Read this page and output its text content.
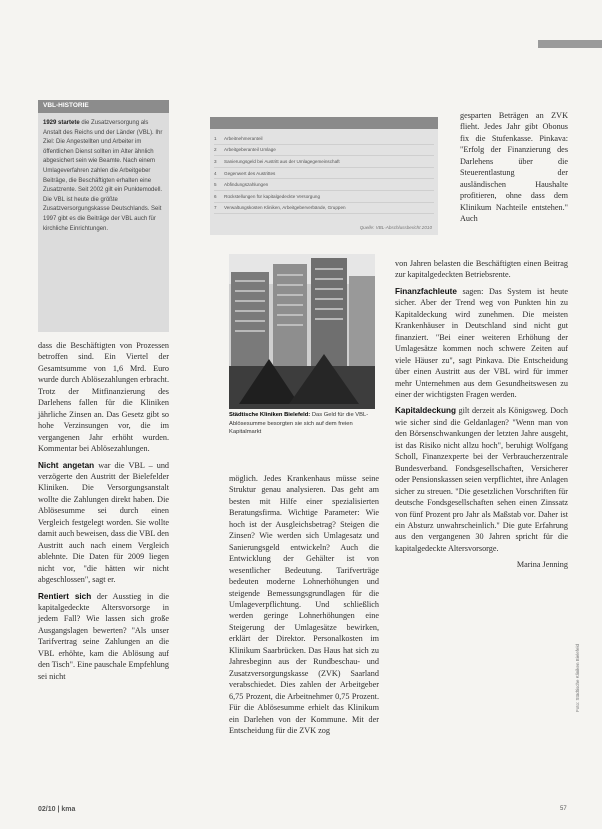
VBL-HISTORIE
1929 startete die Zusatzversorgung als Anstalt des Reichs und der Länder (VBL). Ihr Ziel: Die Angestellten und Arbeiter im öffentlichen Dienst sollten im Alter ähnlich abgesichert sein wie Beamte. Nach einem Umlageverfahren zahlen die Arbeitgeber Beiträge, die Beschäftigten erhalten eine Zusatzrente. Seit 2002 gilt ein Punktemodell. Die VBL ist heute die größte Zusatzversorgungskasse Deutschlands. Seit 1997 gibt es die Beiträge der VBL auch für kirchliche Einrichtungen.
1	Arbeitnehmeranteil
2	Arbeitgeberanteil Umlage
3	Sanierungsgeld bei Austritt aus der Umlagegemeinschaft
4	Gegenwert des Austrittes
5	Abfindungszahlungen
6	Rückstellungen für kapitalgedeckte Versorgung
7	Verwaltungskosten Kliniken, Arbeitgeberverbände, Gruppen
Quelle: VBL-Abschlussbericht 2010
Städtische Kliniken Bielefeld: Das Geld für die VBL-Ablösesumme besorgten sie sich auf dem freien Kapitalmarkt

dass die Beschäftigten von Prozessen betroffen sind. Ein Viertel der Gesamtsumme von 1,6 Mrd. Euro wurde durch Ablösezahlungen erbracht. Trotz der Mitfinanzierung des Darlehens fallen für die Kliniken jährliche Zinsen an. Das Gesetz gibt so hohe Verzinsungen vor, die im vergangenen Jahr erhöht wurden. Kommentar bei Ablösezahlungen.

Nicht angetan war die VBL – und verzögerte den Austritt der Bielefelder Kliniken. Die Versorgungsanstalt wollte die Zahlungen direkt haben. Die Ablösesumme sei durch einen Vergleich festgelegt worden. Sie wollte damit auch beweisen, dass die VBL den Austritt auch nach einem Vergleich ablehnte. Die Daten für 2009 liegen nicht vor, "die hätten wir nicht abgeschlossen", sagt er.

Rentiert sich der Ausstieg in die kapitalgedeckte Altersvorsorge in jedem Fall? Wie lassen sich große Ausgangslagen bewerten? "Als unser Tarifvertrag seine Zahlungen an die VBL erhöhte, kam die Ablösung auf den Tisch". Eine pauschale Empfehlung sei nicht

möglich. Jedes Krankenhaus müsse seine Struktur genau analysieren. Das geht am besten mit Hilfe einer spezialisierten Beratungsfirma. Wichtige Parameter: Wie hoch ist der Ausgleichsbetrag? Steigen die Zinsen? Wie werden sich Umlagesatz und Sanierungsgeld entwickeln? Auch die Entwicklung der Gehälter ist von wesentlicher Bedeutung. Tarifverträge bedeuten moderne Lohnerhöhungen und steigende Bemessungsgrundlagen für die Umlageverpflichtung. Und schließlich werden geringe Lohnerhöhungen eine Steigerung der Umlagesätze bewirken, erklärt der Direktor. Personalkosten im Klinikum Saarbrücken. Das Haus hat sich zu Jahresbeginn aus der Rundbeschau- und Zusatzversorgungskasse (ZVK) Saarland verabschiedet. Dies zahlen der Arbeitgeber 6,75 Prozent, die Arbeitnehmer 0,75 Prozent. Für die Ablösesumme erhielt das Klinikum ein Darlehen von der Kommune. Mit der Entscheidung für die ZVK zog

gesparten Beträgen an ZVK flieht. Jedes Jahr gibt Obonus fix die Stufenkasse. Pinkava: "Erfolg der Finanzierung des Darlehens über die Steuerentlastung der ausländischen Haushalte profitieren, ohne dass dem Klinikum Nachteile entstehen." Auch

von Jahren belasten die Beschäftigten einen Beitrag zur kapitalgedeckten Betriebsrente.

Finanzfachleute sagen: Das System ist heute sicher. Aber der Trend weg von Punkten hin zu Kapitaldeckung wird zunehmen. Die meisten Krankenhäuser in Deutschland sind nicht gut finanziert. "Bei einer weiteren Erhöhung der Umlagesätze kommen noch schwere Zeiten auf viele Häuser zu", sagt Pinkava. Die Entscheidung über einen Austritt aus der VBL wird für immer mehr Unternehmen aus dem Gesundheitswesen zu einer der wichtigsten Fragen werden.

Kapitaldeckung gilt derzeit als Königsweg. Doch wie sicher sind die Geldanlagen? "Wenn man von den Börsenschwankungen der letzten Jahre ausgeht, ist das Risiko nicht allzu hoch", beruhigt Wolfgang Scholl, Finanzexperte bei der Verbraucherzentrale Bundesverband. Fondsgesellschaften, Versicherer oder Pensionskassen seien verpflichtet, ihre Anlagen sicher zu streuen. "Die gesetzlichen Vorschriften für deutsche Fondsgesellschaften sehen einen Zinssatz von fünf Prozent pro Jahr als Maßstab vor. Daher ist ein Absturz unwahrscheinlich." Die gute Erfahrung aus den vergangenen 30 Jahren spricht für die kapitalgedeckte Altersvorsorge.

Marina Jenning

Foto: Städtische Kliniken Bielefeld
02/10 | kma	57
